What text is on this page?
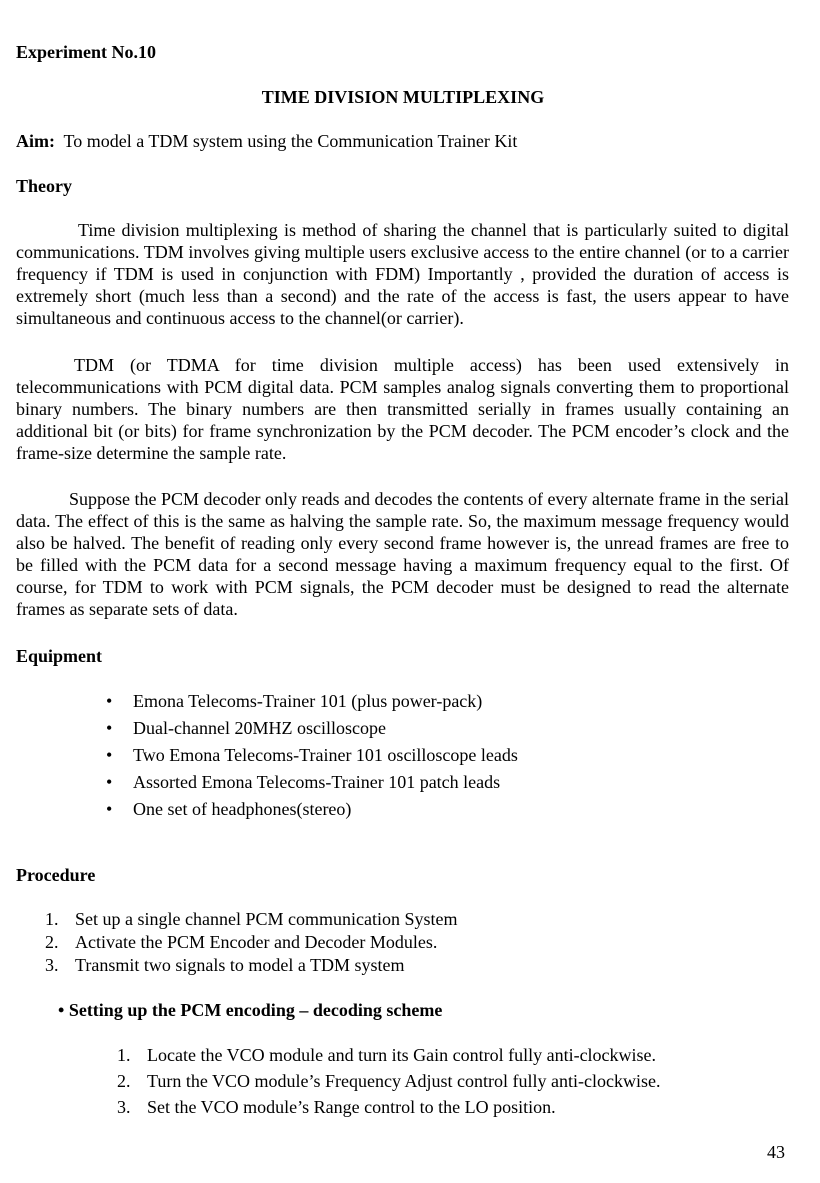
Experiment No.10
TIME DIVISION MULTIPLEXING
Aim: To model a TDM system using the Communication Trainer Kit
Theory
Time division multiplexing is method of sharing the channel that is particularly suited to digital communications. TDM involves giving multiple users exclusive access to the entire channel (or to a carrier frequency if TDM is used in conjunction with FDM) Importantly , provided the duration of access is extremely short (much less than a second) and the rate of the access is fast, the users appear to have simultaneous and continuous access to the channel(or carrier).
TDM (or TDMA for time division multiple access) has been used extensively in telecommunications with PCM digital data. PCM samples analog signals converting them to proportional binary numbers. The binary numbers are then transmitted serially in frames usually containing an additional bit (or bits) for frame synchronization by the PCM decoder. The PCM encoder’s clock and the frame-size determine the sample rate.
Suppose the PCM decoder only reads and decodes the contents of every alternate frame in the serial data. The effect of this is the same as halving the sample rate. So, the maximum message frequency would also be halved. The benefit of reading only every second frame however is, the unread frames are free to be filled with the PCM data for a second message having a maximum frequency equal to the first. Of course, for TDM to work with PCM signals, the PCM decoder must be designed to read the alternate frames as separate sets of data.
Equipment
• Emona Telecoms-Trainer 101 (plus power-pack)
• Dual-channel 20MHZ oscilloscope
• Two Emona Telecoms-Trainer 101 oscilloscope leads
• Assorted Emona Telecoms-Trainer 101 patch leads
• One set of headphones(stereo)
Procedure
1. Set up a single channel PCM communication System
2. Activate the PCM Encoder and Decoder Modules.
3. Transmit two signals to model a TDM system
• Setting up the PCM encoding – decoding scheme
1. Locate the VCO module and turn its Gain control fully anti-clockwise.
2. Turn the VCO module’s Frequency Adjust control fully anti-clockwise.
3. Set the VCO module’s Range control to the LO position.
43
